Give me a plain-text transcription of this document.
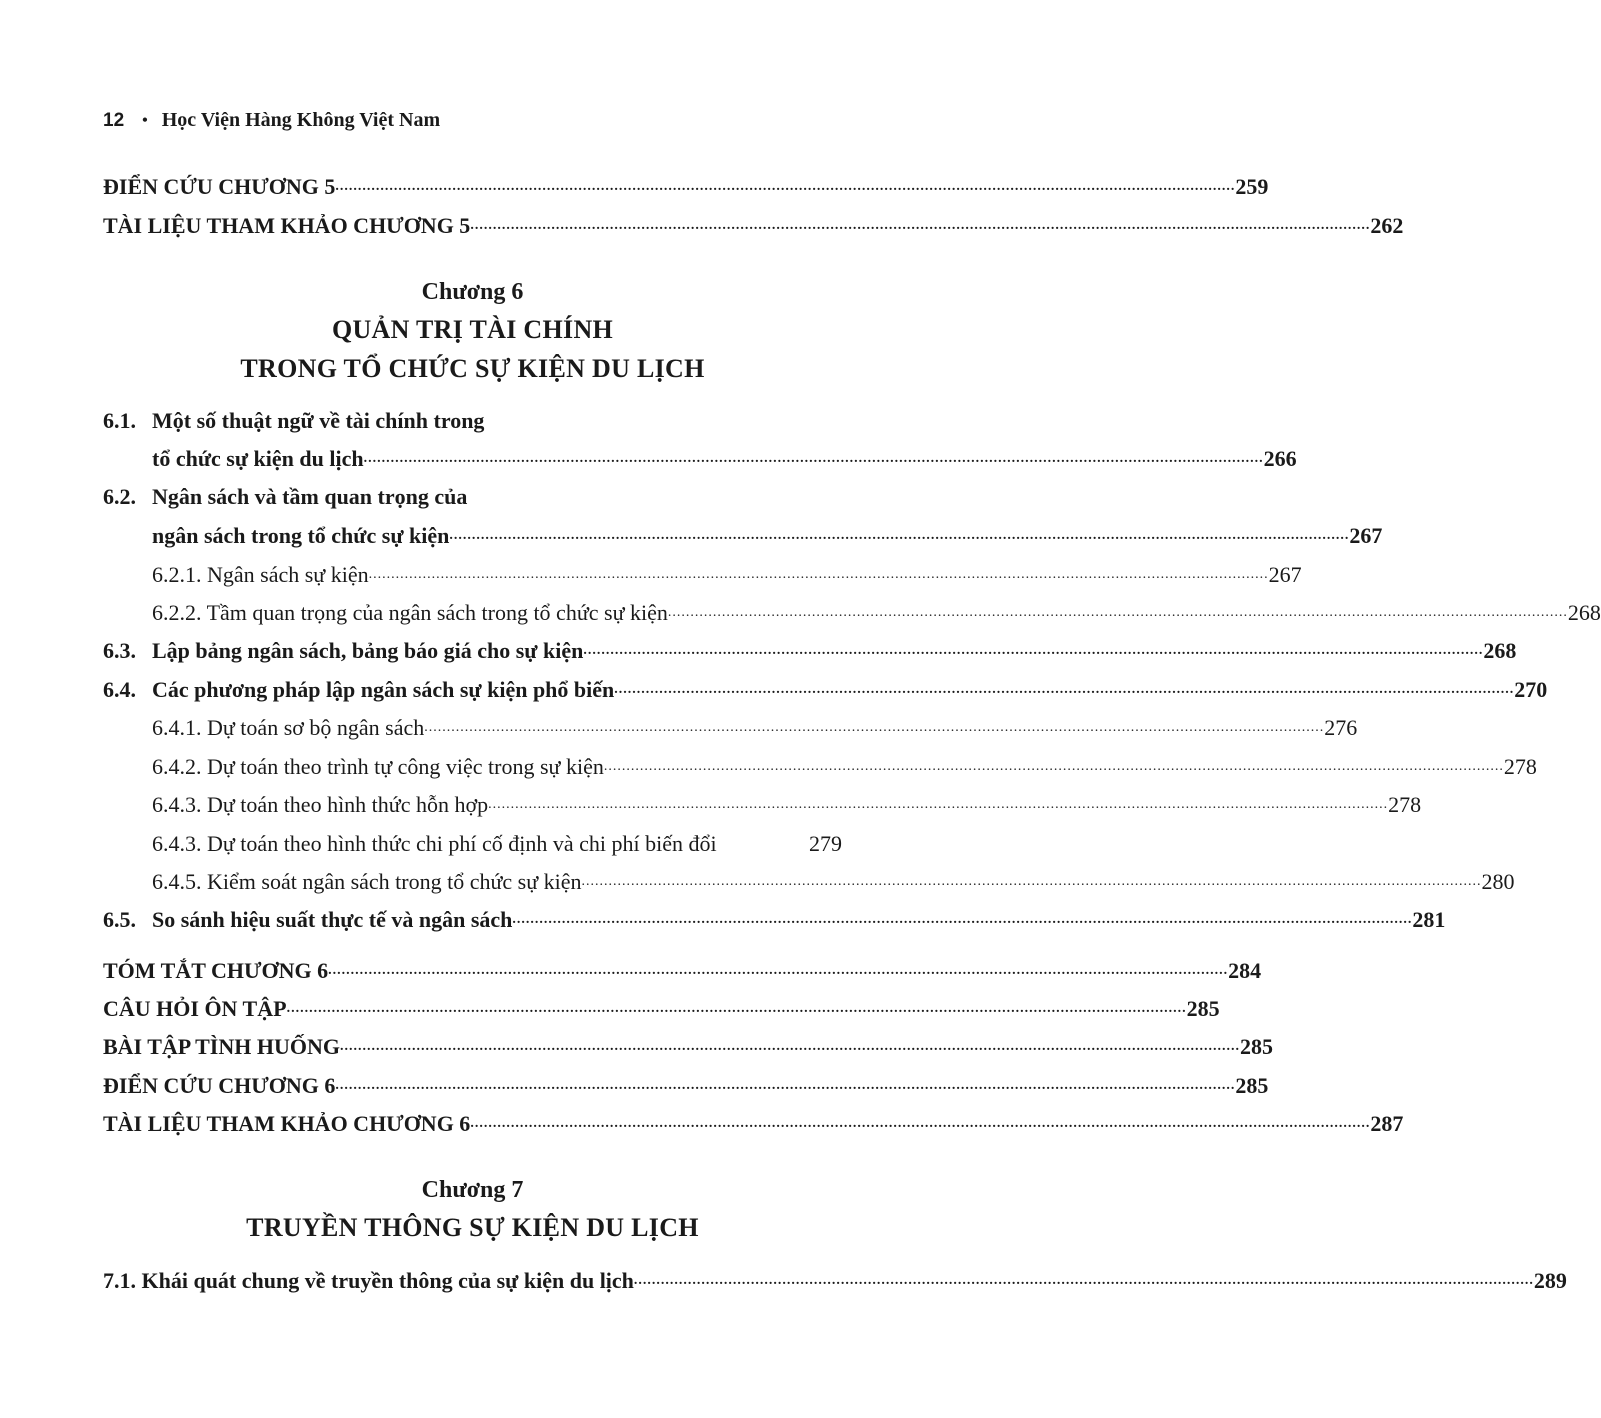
12 • Học Viện Hàng Không Việt Nam
ĐIỂN CỨU CHƯƠNG 5 ........................................................................................................................................................................................................ 259
TÀI LIỆU THAM KHẢO CHƯƠNG 5 ........................................................................................................................................................................................................ 262
Chương 6
QUẢN TRỊ TÀI CHÍNH
TRONG TỔ CHỨC SỰ KIỆN DU LỊCH
6.1. Một số thuật ngữ về tài chính trong
tổ chức sự kiện du lịch ........................................................................................................................................................................................................ 266
6.2. Ngân sách và tầm quan trọng của
ngân sách trong tổ chức sự kiện ........................................................................................................................................................................................................ 267
6.2.1. Ngân sách sự kiện ........................................................................................................................................................................................................ 267
6.2.2. Tầm quan trọng của ngân sách trong tổ chức sự kiện ........................................................................................................................................................................................................ 268
6.3. Lập bảng ngân sách, bảng báo giá cho sự kiện ........................................................................................................................................................................................................ 268
6.4. Các phương pháp lập ngân sách sự kiện phổ biến ........................................................................................................................................................................................................ 270
6.4.1. Dự toán sơ bộ ngân sách ........................................................................................................................................................................................................ 276
6.4.2. Dự toán theo trình tự công việc trong sự kiện ........................................................................................................................................................................................................ 278
6.4.3. Dự toán theo hình thức hỗn hợp ........................................................................................................................................................................................................ 278
6.4.3. Dự toán theo hình thức chi phí cố định và chi phí biến đổi	279
6.4.5. Kiểm soát ngân sách trong tổ chức sự kiện ........................................................................................................................................................................................................ 280
6.5. So sánh hiệu suất thực tế và ngân sách ........................................................................................................................................................................................................ 281
TÓM TẮT CHƯƠNG 6 ........................................................................................................................................................................................................ 284
CÂU HỎI ÔN TẬP ........................................................................................................................................................................................................ 285
BÀI TẬP TÌNH HUỐNG ........................................................................................................................................................................................................ 285
ĐIỂN CỨU CHƯƠNG 6 ........................................................................................................................................................................................................ 285
TÀI LIỆU THAM KHẢO CHƯƠNG 6 ........................................................................................................................................................................................................ 287
Chương 7
TRUYỀN THÔNG SỰ KIỆN DU LỊCH
7.1. Khái quát chung về truyền thông của sự kiện du lịch ........................................................................................................................................................................................................ 289
